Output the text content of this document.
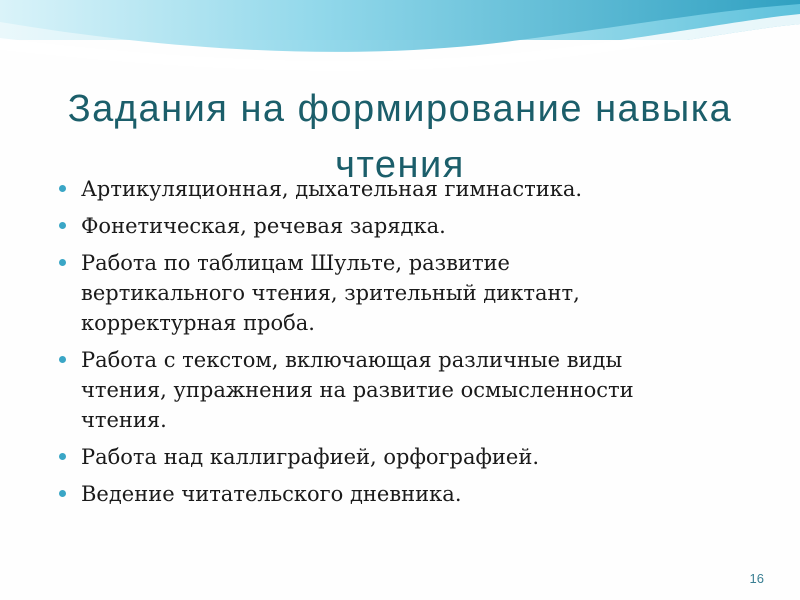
Задания на формирование навыка
чтения
Артикуляционная, дыхательная гимнастика.
Фонетическая, речевая зарядка.
Работа по таблицам Шульте, развитие
вертикального чтения, зрительный диктант,
корректурная проба.
Работа с текстом, включающая различные виды
чтения, упражнения на развитие осмысленности
чтения.
Работа над каллиграфией, орфографией.
Ведение читательского дневника.
16
